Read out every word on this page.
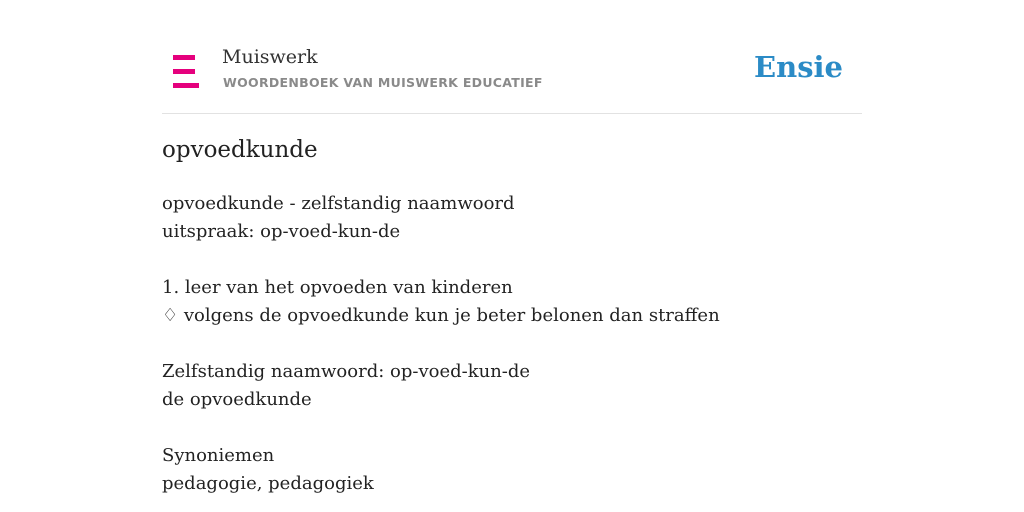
Muiswerk
WOORDENBOEK VAN MUISWERK EDUCATIEF	Ensie
opvoedkunde
opvoedkunde - zelfstandig naamwoord
uitspraak: op-voed-kun-de
1. leer van het opvoeden van kinderen
♢ volgens de opvoedkunde kun je beter belonen dan straffen
Zelfstandig naamwoord: op-voed-kun-de
de opvoedkunde
Synoniemen
pedagogie, pedagogiek
